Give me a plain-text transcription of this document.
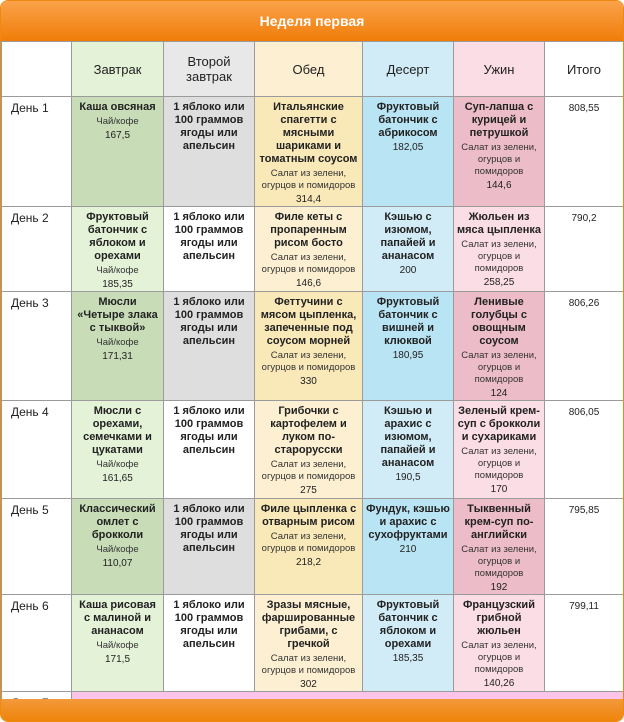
Неделя первая
	Завтрак	Второй завтрак	Обед	Десерт	Ужин	Итого
День 1	Каша овсяная
Чай/кофе
167,5	1 яблоко или 100 граммов ягоды или апельсин	Итальянские спагетти с мясными шариками и томатным соусом
Салат из зелени, огурцов и помидоров
314,4	Фруктовый батончик с абрикосом
182,05	Суп-лапша с курицей и петрушкой
Салат из зелени, огурцов и помидоров
144,6	808,55
День 2	Фруктовый батончик с яблоком и орехами
Чай/кофе
185,35	1 яблоко или 100 граммов ягоды или апельсин	Филе кеты с пропаренным рисом босто
Салат из зелени, огурцов и помидоров
146,6	Кэшью с изюмом, папайей и ананасом
200	Жюльен из мяса цыпленка
Салат из зелени, огурцов и помидоров
258,25	790,2
День 3	Мюсли «Четыре злака с тыквой»
Чай/кофе
171,31	1 яблоко или 100 граммов ягоды или апельсин	Феттучини с мясом цыпленка, запеченные под соусом морней
Салат из зелени, огурцов и помидоров
330	Фруктовый батончик с вишней и клюквой
180,95	Ленивые голубцы с овощным соусом
Салат из зелени, огурцов и помидоров
124	806,26
День 4	Мюсли с орехами, семечками и цукатами
Чай/кофе
161,65	1 яблоко или 100 граммов ягоды или апельсин	Грибочки с картофелем и луком по-старорусски
Салат из зелени, огурцов и помидоров
275	Кэшью и арахис с изюмом, папайей и ананасом
190,5	Зеленый крем-суп с брокколи и сухариками
Салат из зелени, огурцов и помидоров
170	806,05
День 5	Классический омлет с брокколи
Чай/кофе
110,07	1 яблоко или 100 граммов ягоды или апельсин	Филе цыпленка с отварным рисом
Салат из зелени, огурцов и помидоров
218,2	Фундук, кэшью и арахис с сухофруктами
210	Тыквенный крем-суп по-английски
Салат из зелени, огурцов и помидоров
192	795,85
День 6	Каша рисовая с малиной и ананасом
Чай/кофе
171,5	1 яблоко или 100 граммов ягоды или апельсин	Зразы мясные, фаршированные грибами, с гречкой
Салат из зелени, огурцов и помидоров
302	Фруктовый батончик с яблоком и орехами
185,35	Французский грибной жюльен
Салат из зелени, огурцов и помидоров
140,26	799,11
